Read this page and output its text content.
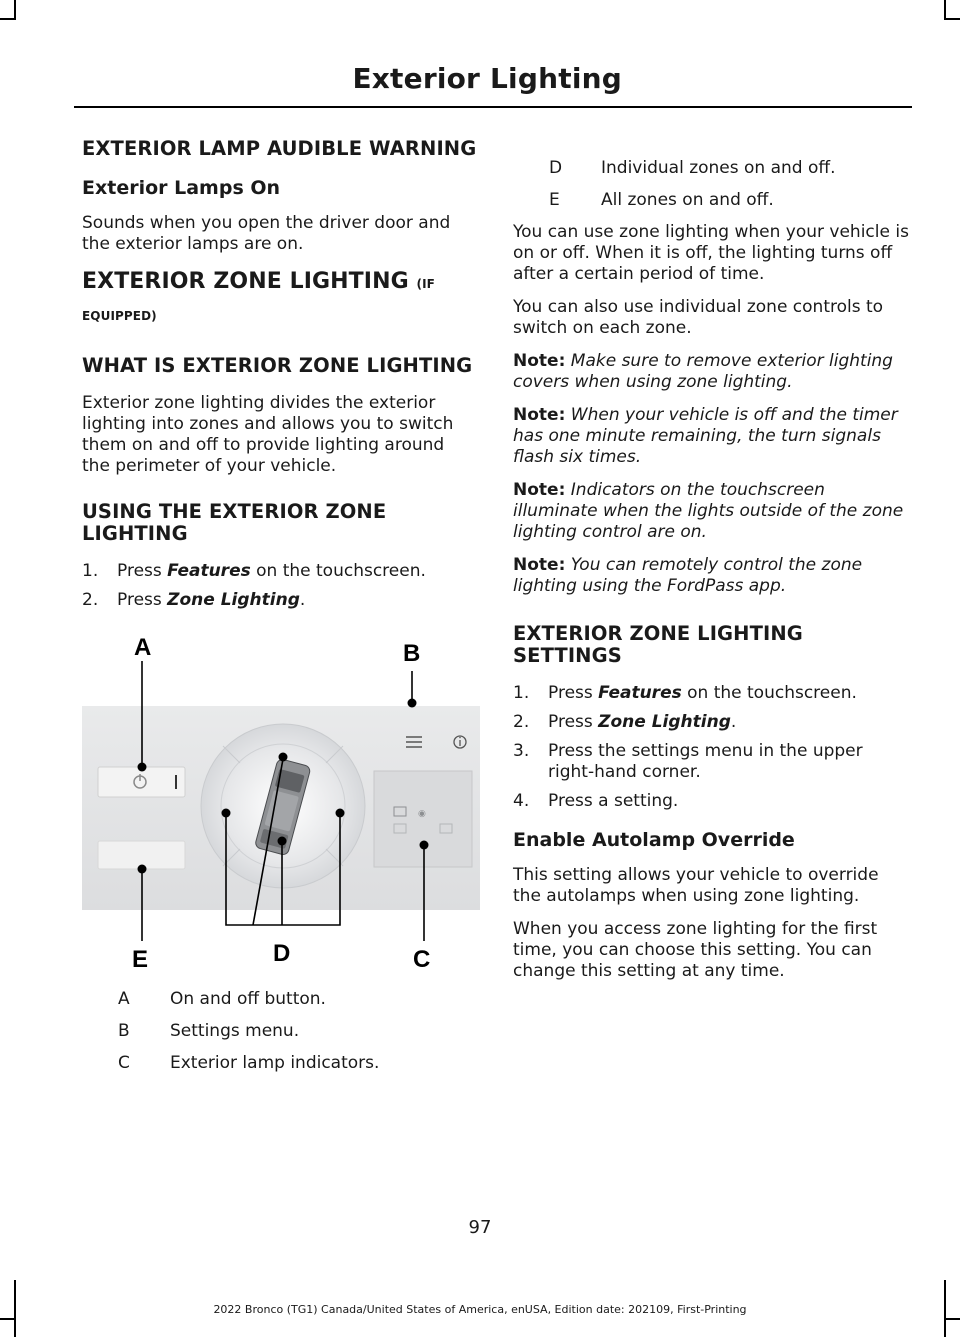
Exterior Lighting
EXTERIOR LAMP AUDIBLE WARNING
Exterior Lamps On

Sounds when you open the driver door and the exterior lamps are on.

EXTERIOR ZONE LIGHTING (IF EQUIPPED)
WHAT IS EXTERIOR ZONE LIGHTING

Exterior zone lighting divides the exterior lighting into zones and allows you to switch them on and off to provide lighting around the perimeter of your vehicle.

USING THE EXTERIOR ZONE LIGHTING
1. Press Features on the touchscreen.
2. Press Zone Lighting.
◉
A	B
C
D
E
A On and off button.
B Settings menu.
C Exterior lamp indicators.
D Individual zones on and off.
E All zones on and off.

You can use zone lighting when your vehicle is on or off. When it is off, the lighting turns off after a certain period of time.

You can also use individual zone controls to switch on each zone.

Note: Make sure to remove exterior lighting covers when using zone lighting.

Note: When your vehicle is off and the timer has one minute remaining, the turn signals flash six times.

Note: Indicators on the touchscreen illuminate when the lights outside of the zone lighting control are on.

Note: You can remotely control the zone lighting using the FordPass app.

EXTERIOR ZONE LIGHTING SETTINGS
1. Press Features on the touchscreen.
2. Press Zone Lighting.
3. Press the settings menu in the upper right-hand corner.
4. Press a setting.
Enable Autolamp Override

This setting allows your vehicle to override the autolamps when using zone lighting.

When you access zone lighting for the first time, you can choose this setting. You can change this setting at any time.

97
2022 Bronco (TG1) Canada/United States of America, enUSA, Edition date: 202109, First-Printing
